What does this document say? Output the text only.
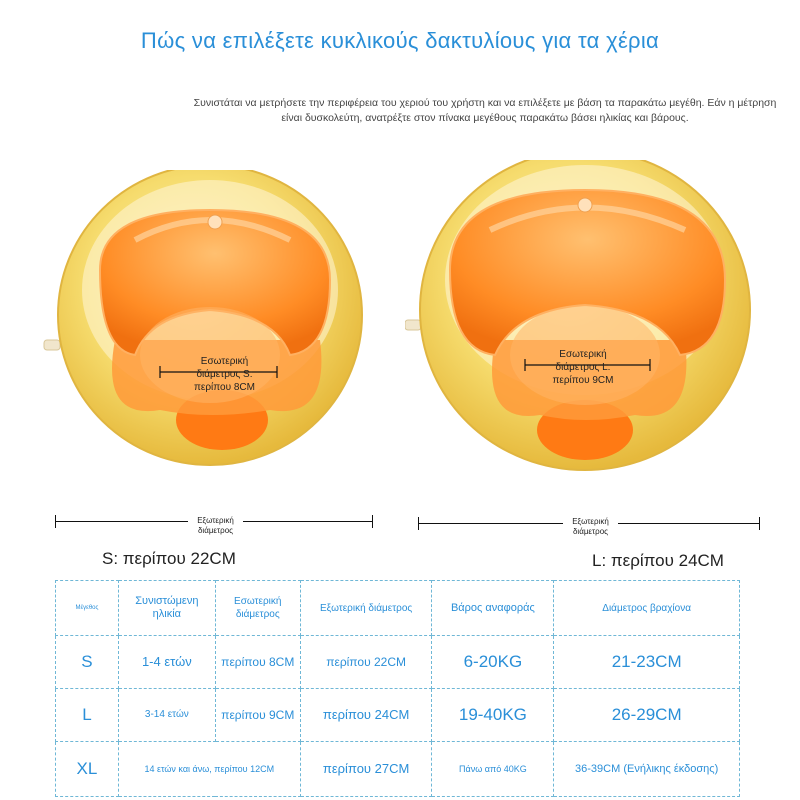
Πώς να επιλέξετε κυκλικούς δακτυλίους για τα χέρια
Συνιστάται να μετρήσετε την περιφέρεια του χεριού του χρήστη και να επιλέξετε με βάση τα παρακάτω μεγέθη. Εάν η μέτρηση είναι δυσκολεύτη, ανατρέξτε στον πίνακα μεγέθους παρακάτω βάσει ηλικίας και βάρους.
Εσωτερική διάμετρος S: περίπου 8CM
Εξωτερική διάμετρος
S: περίπου 22CM
Εσωτερική διάμετρος L: περίπου 9CM
Εξωτερική διάμετρος
L: περίπου 24CM
Μέγεθος	Συνιστώμενη ηλικία	Εσωτερική διάμετρος	Εξωτερική διάμετρος	Βάρος αναφοράς	Διάμετρος βραχίονα
S	1-4 ετών	περίπου 8CM	περίπου 22CM	6-20KG	21-23CM
L	3-14 ετών	περίπου 9CM	περίπου 24CM	19-40KG	26-29CM
XL	14 ετών και άνω, περίπου 12CM		περίπου 27CM	Πάνω από 40KG	36-39CM (Ενήλικης έκδοσης)
